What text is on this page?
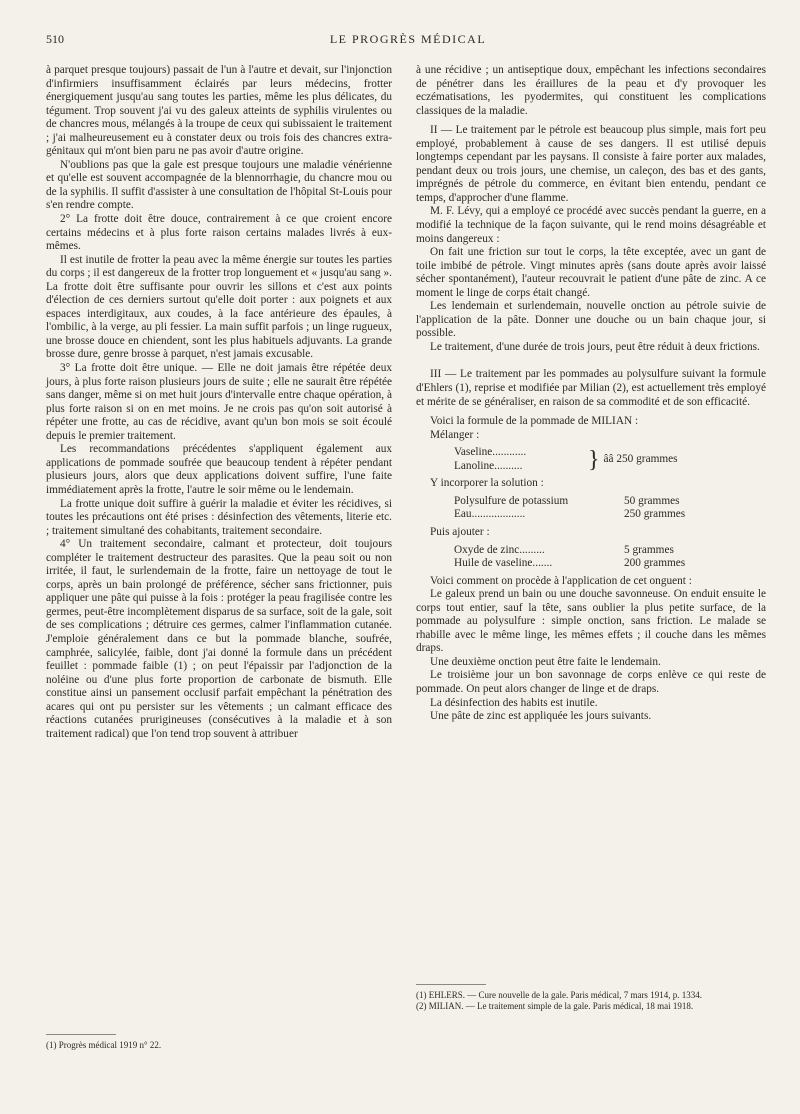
510	LE PROGRÈS MÉDICAL

à parquet presque toujours) passait de l'un à l'autre et devait, sur l'injonction d'infirmiers insuffisamment éclairés par leurs médecins, frotter énergiquement jusqu'au sang toutes les parties, même les plus délicates, du tégument. Trop souvent j'ai vu des galeux atteints de syphilis virulentes ou de chancres mous, mélangés à la troupe de ceux qui subissaient le traitement ; j'ai malheureusement eu à constater deux ou trois fois des chancres extra-génitaux qui m'ont bien paru ne pas avoir d'autre origine.

N'oublions pas que la gale est presque toujours une maladie vénérienne et qu'elle est souvent accompagnée de la blennorrhagie, du chancre mou ou de la syphilis. Il suffit d'assister à une consultation de l'hôpital St-Louis pour s'en rendre compte.

2° La frotte doit être douce, contrairement à ce que croient encore certains médecins et à plus forte raison certains malades livrés à eux-mêmes.

Il est inutile de frotter la peau avec la même énergie sur toutes les parties du corps ; il est dangereux de la frotter trop longuement et « jusqu'au sang ». La frotte doit être suffisante pour ouvrir les sillons et c'est aux points d'élection de ces derniers surtout qu'elle doit porter : aux poignets et aux espaces interdigitaux, aux coudes, à la face antérieure des épaules, à l'ombilic, à la verge, au pli fessier. La main suffit parfois ; un linge rugueux, une brosse douce en chiendent, sont les plus habituels adjuvants. La grande brosse dure, genre brosse à parquet, n'est jamais excusable.

3° La frotte doit être unique. — Elle ne doit jamais être répétée deux jours, à plus forte raison plusieurs jours de suite ; elle ne saurait être répétée sans danger, même si on met huit jours d'intervalle entre chaque opération, à plus forte raison si on en met moins. Je ne crois pas qu'on soit autorisé à répéter une frotte, au cas de récidive, avant qu'un bon mois se soit écoulé depuis le premier traitement.

Les recommandations précédentes s'appliquent également aux applications de pommade soufrée que beaucoup tendent à répéter pendant plusieurs jours, alors que deux applications doivent suffire, l'une faite immédiatement après la frotte, l'autre le soir même ou le lendemain.

La frotte unique doit suffire à guérir la maladie et éviter les récidives, si toutes les précautions ont été prises : désinfection des vêtements, literie etc. ; traitement simultané des cohabitants, traitement secondaire.

4° Un traitement secondaire, calmant et protecteur, doit toujours compléter le traitement destructeur des parasites. Que la peau soit ou non irritée, il faut, le surlendemain de la frotte, faire un nettoyage de tout le corps, après un bain prolongé de préférence, sécher sans frictionner, puis appliquer une pâte qui puisse à la fois : protéger la peau fragilisée contre les germes, peut-être incomplètement disparus de sa surface, soit de la gale, soit de ses complications ; détruire ces germes, calmer l'inflammation cutanée. J'emploie généralement dans ce but la pommade blanche, soufrée, camphrée, salicylée, faible, dont j'ai donné la formule dans un précédent feuillet : pommade faible (1) ; on peut l'épaissir par l'adjonction de la noléine ou d'une plus forte proportion de carbonate de bismuth. Elle constitue ainsi un pansement occlusif parfait empêchant la pénétration des acares qui ont pu persister sur les vêtements ; un calmant efficace des réactions cutanées prurigineuses (consécutives à la maladie et à son traitement radical) que l'on tend trop souvent à attribuer

à une récidive ; un antiseptique doux, empêchant les infections secondaires de pénétrer dans les éraillures de la peau et d'y provoquer les eczématisations, les pyodermites, qui constituent les complications classiques de la maladie.

II — Le traitement par le pétrole est beaucoup plus simple, mais fort peu employé, probablement à cause de ses dangers. Il est utilisé depuis longtemps cependant par les paysans. Il consiste à faire porter aux malades, pendant deux ou trois jours, une chemise, un caleçon, des bas et des gants, imprégnés de pétrole du commerce, en évitant bien entendu, pendant ce temps, d'approcher d'une flamme.

M. F. Lévy, qui a employé ce procédé avec succès pendant la guerre, en a modifié la technique de la façon suivante, qui le rend moins désagréable et moins dangereux :

On fait une friction sur tout le corps, la tête exceptée, avec un gant de toile imbibé de pétrole. Vingt minutes après (sans doute après avoir laissé sécher spontanément), l'auteur recouvrait le patient d'une pâte de zinc. A ce moment le linge de corps était changé.

Les lendemain et surlendemain, nouvelle onction au pétrole suivie de l'application de la pâte. Donner une douche ou un bain chaque jour, si possible.

Le traitement, d'une durée de trois jours, peut être réduit à deux frictions.

III — Le traitement par les pommades au polysulfure suivant la formule d'Ehlers (1), reprise et modifiée par Milian (2), est actuellement très employé et mérite de se généraliser, en raison de sa commodité et de son efficacité.

Voici la formule de la pommade de MILIAN :

Mélanger :

Vaseline............
Lanoline..........	} ââ 250 grammes

Y incorporer la solution :

Polysulfure de potassium	50 grammes
Eau...................	250 grammes

Puis ajouter :

Oxyde de zinc.........	5 grammes
Huile de vaseline.......	200 grammes

Voici comment on procède à l'application de cet onguent :

Le galeux prend un bain ou une douche savonneuse. On enduit ensuite le corps tout entier, sauf la tête, sans oublier la plus petite surface, de la pommade au polysulfure : simple onction, sans friction. Le malade se rhabille avec le même linge, les mêmes effets ; il couche dans les mêmes draps.

Une deuxième onction peut être faite le lendemain.

Le troisième jour un bon savonnage de corps enlève ce qui reste de pommade. On peut alors changer de linge et de draps.

La désinfection des habits est inutile.

Une pâte de zinc est appliquée les jours suivants.

(1) Progrès médical 1919 n° 22.
(1) EHLERS. — Cure nouvelle de la gale. Paris médical, 7 mars 1914, p. 1334.
(2) MILIAN. — Le traitement simple de la gale. Paris médical, 18 mai 1918.
